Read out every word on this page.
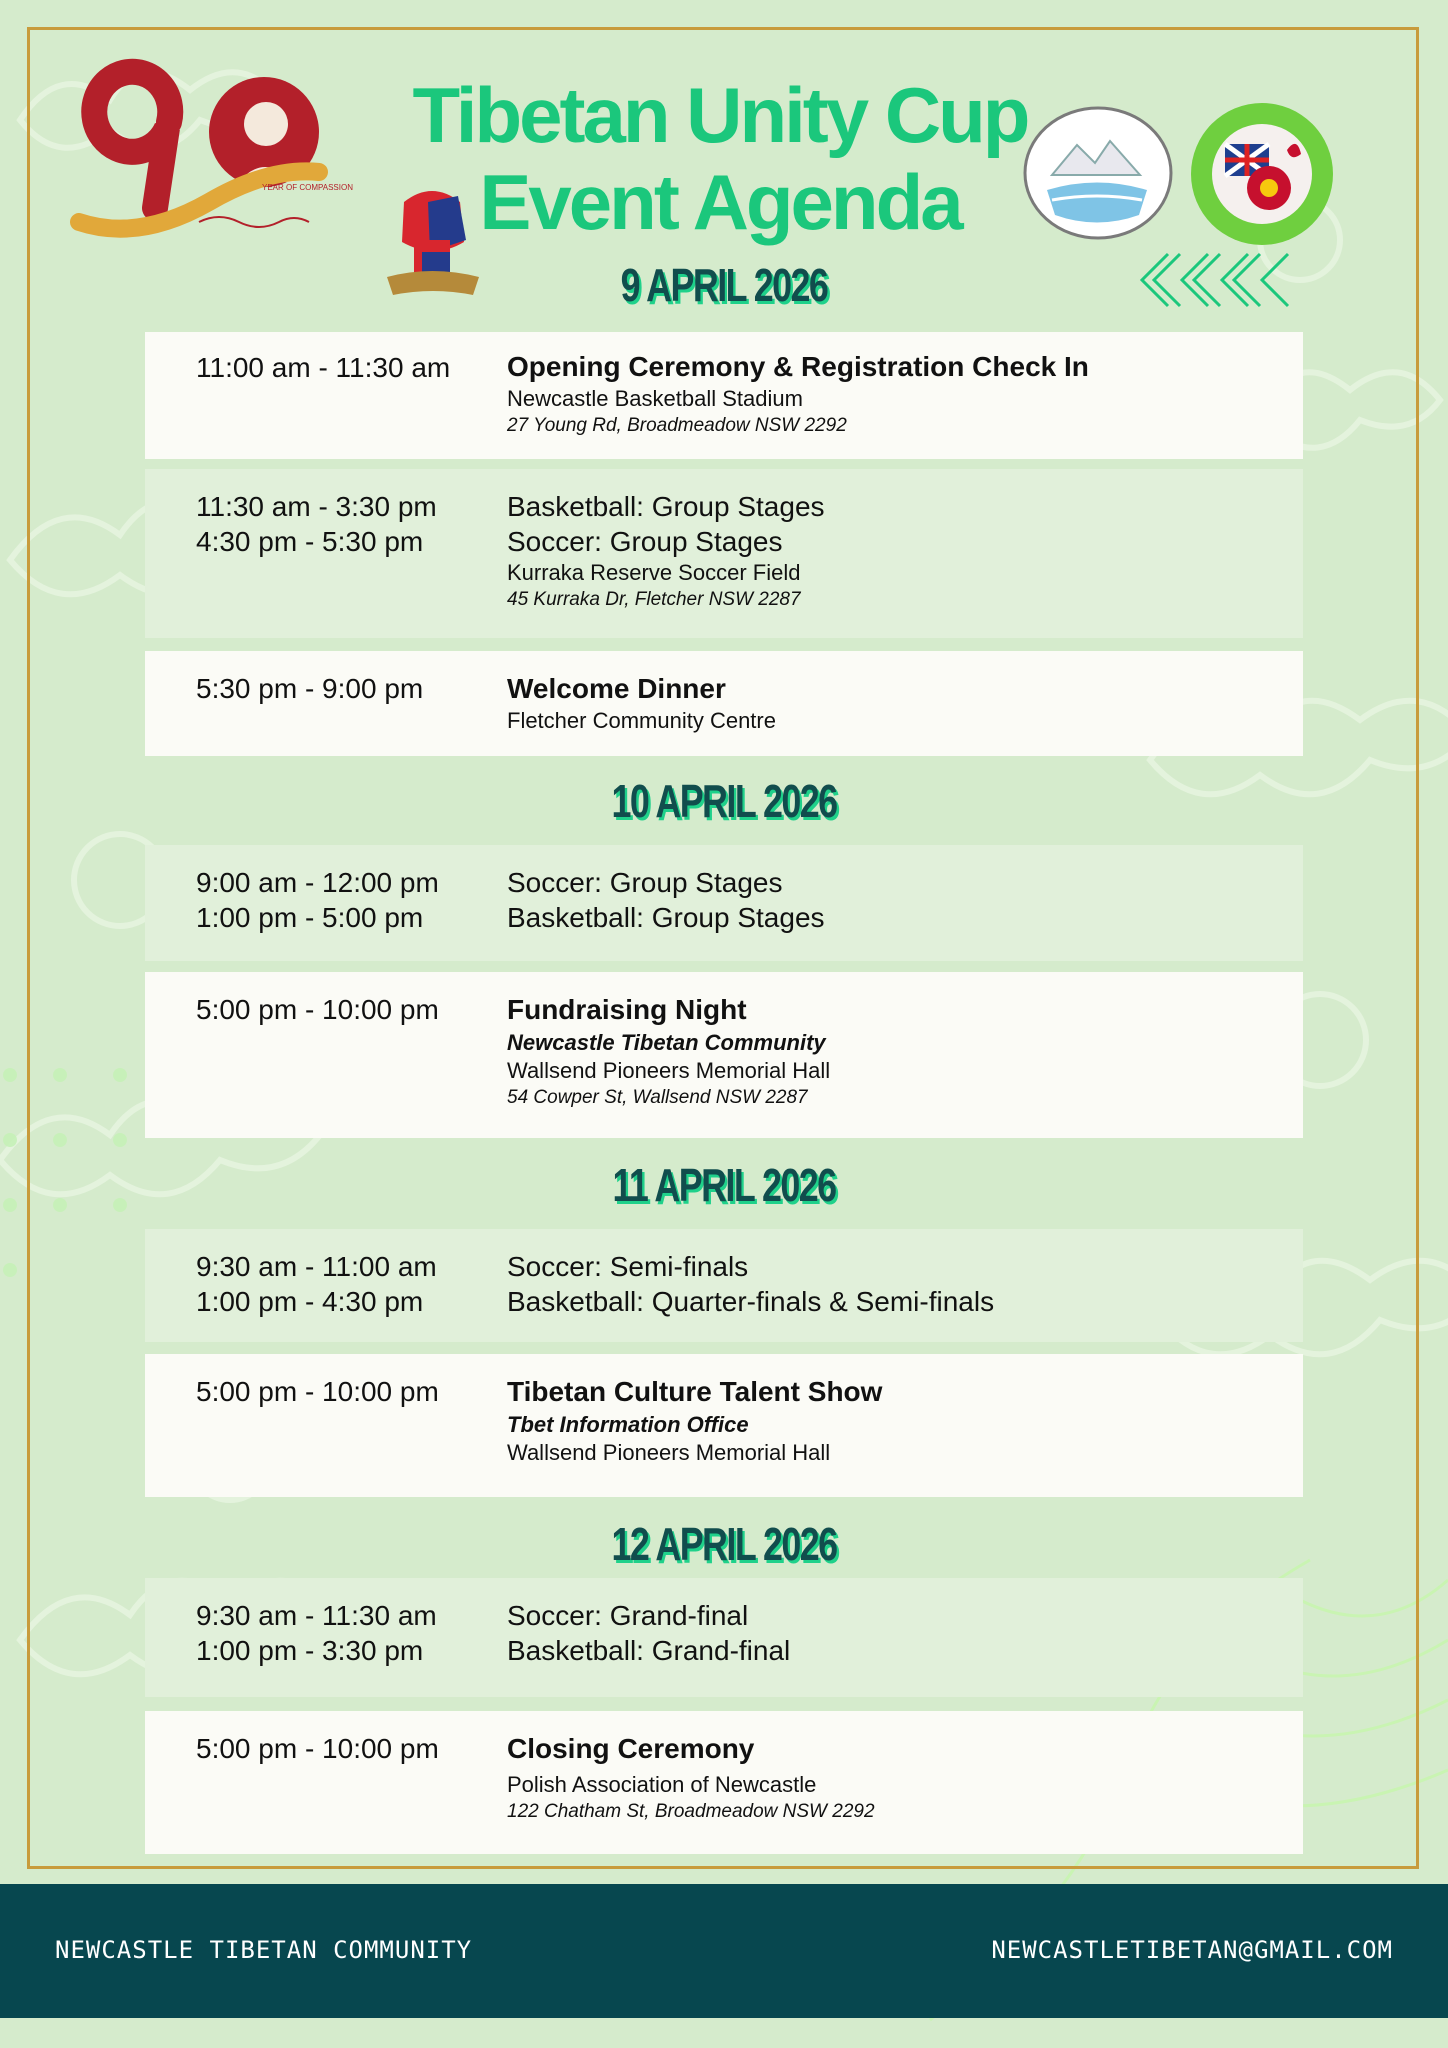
YEAR OF COMPASSION
Tibetan Unity Cup
Event Agenda
9 APRIL 2026
11:00 am - 11:30 am Opening Ceremony & Registration Check In
Newcastle Basketball Stadium
27 Young Rd, Broadmeadow NSW 2292
11:30 am - 3:30 pm
4:30 pm - 5:30 pm
Basketball: Group Stages
Soccer: Group Stages
Kurraka Reserve Soccer Field
45 Kurraka Dr, Fletcher NSW 2287
5:30 pm - 9:00 pm	Welcome Dinner
Fletcher Community Centre
10 APRIL 2026
9:00 am - 12:00 pm
1:00 pm - 5:00 pm
Soccer: Group Stages
Basketball: Group Stages
5:00 pm - 10:00 pm Fundraising Night
Newcastle Tibetan Community
Wallsend Pioneers Memorial Hall
54 Cowper St, Wallsend NSW 2287
11 APRIL 2026
9:30 am - 11:00 am
1:00 pm - 4:30 pm
Soccer: Semi-finals
Basketball: Quarter-finals & Semi-finals
5:00 pm - 10:00 pm Tibetan Culture Talent Show
Tbet Information Office
Wallsend Pioneers Memorial Hall
12 APRIL 2026
9:30 am - 11:30 am
1:00 pm - 3:30 pm
Soccer: Grand-final
Basketball: Grand-final
5:00 pm - 10:00 pm Closing Ceremony
Polish Association of Newcastle
122 Chatham St, Broadmeadow NSW 2292
NEWCASTLE TIBETAN COMMUNITY	NEWCASTLETIBETAN@GMAIL.COM
